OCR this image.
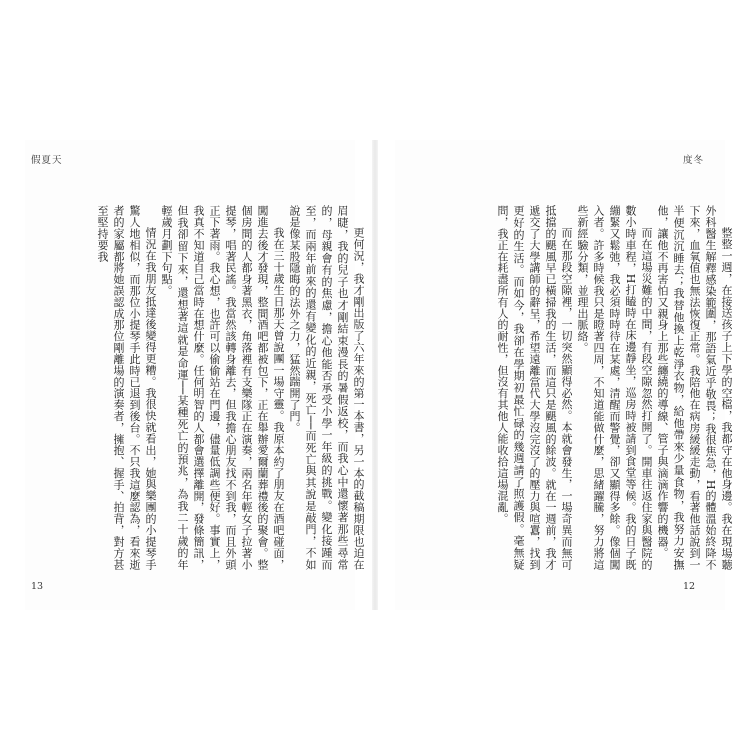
假夏天	度冬

更何況，我才剛出版了六年來的第一本書，另一本的截稿期限也迫在眉睫，我的兒子也才剛結束漫長的暑假返校，而我心中還懷著那些尋常的，母親會有的焦慮，擔心他能否承受小學一年級的挑戰。變化接踵而至，而兩年前來的還有變化的近親，死亡──而死亡與其說是敲門，不如說是像某股隱晦的法外之力，猛然踹開了門。

我在三十歲生日那天曾說團一場守靈。我原本約了朋友在酒吧碰面，闖進去後才發現，整間酒吧都被包下，正在舉辦愛爾蘭葬禮後的聚會。整個房間的人都身著黑衣，角落裡有支樂隊正在演奏，兩名年輕女子拉著小提琴，唱著民謠。我當然該轉身離去，但我擔心朋友找不到我，而且外頭正下著雨。我心想，也許可以偷偷站在門邊，儘量低調些便好。事實上，我真不知道自己當時在想什麼。任何明智的人都會選擇離開，發條簡訊，但我卻留下來，還想著這就是命運──某種死亡的預兆，為我二十歲的年輕歲月劃下句點。

情況在我朋友抵達後變得更糟。我很快就看出，她與樂團的小提琴手驚人地相似，而那位小提琴手此時已退到後台。不只我這麼認為，看來逝者的家屬都將她誤認成那位剛離場的演奏者，擁抱、握手、拍背，對方甚至堅持要我	整整一週，在接送孩子上下學的空檔，我都守在他身邊。我在現場聽外科醫生解釋感染範圍，那語氣近乎敬畏；我很焦急，H的體溫始終降不下來，血氧值也無法恢復正常。我陪他在病房緩緩走動，看著他話說到一半便沉沉睡去；我替他換上乾淨衣物，給他帶來少量食物，我努力安撫他，讓他不再害怕又親身上那些纏繞的導線、管子與滴滴作響的機器。

而在這場災難的中間，有段空隙忽然打開了。開車往返住家與醫院的數小時車程，H打瞌時在床邊靜坐，巡房時被請到食堂等候。我的日子既繃緊又鬆弛，我必須時時待在某處，清醒而警覺，卻又顯得多餘。像個闖入者。許多時候我只是瞪著四周，不知道能做什麼，思緒躍騰，努力將這些新經驗分類，並理出脈絡。

而在那段空隙裡，一切突然顯得必然。本就會發生，一場奇異而無可抵擋的颶風早已橫掃我的生活，而這只是颶風的餘波。就在一週前，我才遞交了大學講師的辭呈，希望遠離當代大學沒完沒了的壓力與喧囂，找到更好的生活。而如今，我卻在學期初最忙碌的幾週請了照護假。毫無疑問，我正在耗盡所有人的耐性，但沒有其他人能收拾這場混亂。

13	12
